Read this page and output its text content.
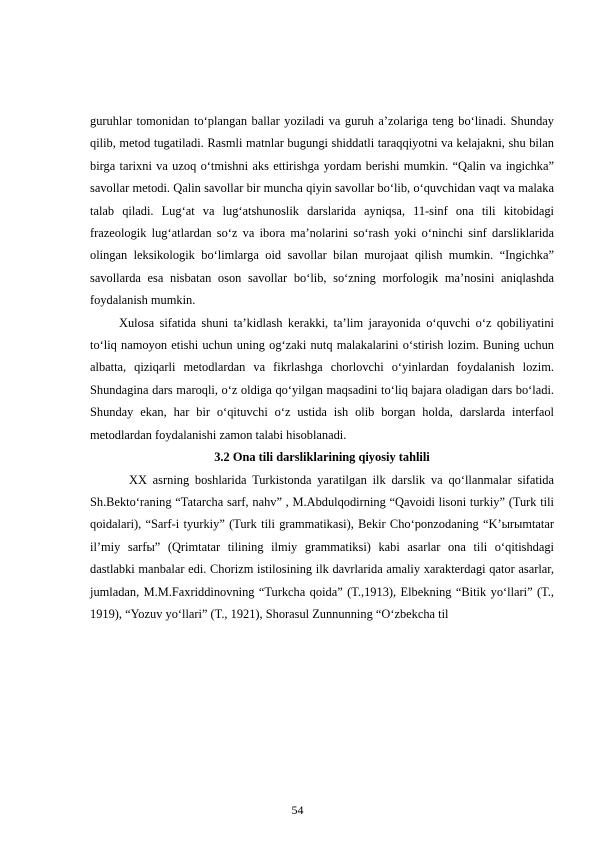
guruhlar tomonidan to‘plangan ballar yoziladi va guruh a’zolariga teng bo‘linadi. Shunday qilib, metod tugatiladi. Rasmli matnlar bugungi shiddatli taraqqiyotni va kelajakni, shu bilan birga tarixni va uzoq o‘tmishni aks ettirishga yordam berishi mumkin. “Qalin va ingichka” savollar metodi. Qalin savollar bir muncha qiyin savollar bo‘lib, o‘quvchidan vaqt va malaka talab qiladi. Lug‘at va lug‘atshunoslik darslarida ayniqsa, 11-sinf ona tili kitobidagi frazeologik lug‘atlardan so‘z va ibora ma’nolarini so‘rash yoki o‘ninchi sinf darsliklarida olingan leksikologik bo‘limlarga oid savollar bilan murojaat qilish mumkin. “Ingichka” savollarda esa nisbatan oson savollar bo‘lib, so‘zning morfologik ma’nosini aniqlashda foydalanish mumkin.

Xulosa sifatida shuni ta’kidlash kerakki, ta’lim jarayonida o‘quvchi o‘z qobiliyatini to‘liq namoyon etishi uchun uning og‘zaki nutq malakalarini o‘stirish lozim. Buning uchun albatta, qiziqarli metodlardan va fikrlashga chorlovchi o‘yinlardan foydalanish lozim. Shundagina dars maroqli, o‘z oldiga qo‘yilgan maqsadini to‘liq bajara oladigan dars bo‘ladi. Shunday ekan, har bir o‘qituvchi o‘z ustida ish olib borgan holda, darslarda interfaol metodlardan foydalanishi zamon talabi hisoblanadi.

3.2 Ona tili darsliklarining qiyosiy tahlili

XX asrning boshlarida Turkistonda yaratilgan ilk darslik va qo‘llanmalar sifatida Sh.Bekto‘raning “Tatarcha sarf, nahv” , M.Abdulqodirning “Qavoidi lisoni turkiy” (Turk tili qoidalari), “Sarf-i tyurkiy” (Turk tili grammatikasi), Bekir Cho‘ponzodaning “K’ыrыmtatar il’miy sarfы” (Qrimtatar tilining ilmiy grammatiksi) kabi asarlar ona tili o‘qitishdagi dastlabki manbalar edi. Chorizm istilosining ilk davrlarida amaliy xarakterdagi qator asarlar, jumladan, M.M.Faxriddinovning “Turkcha qoida” (T.,1913), Elbekning “Bitik yo‘llari” (T., 1919), “Yozuv yo‘llari” (T., 1921), Shorasul Zunnunning “O‘zbekcha til

54
